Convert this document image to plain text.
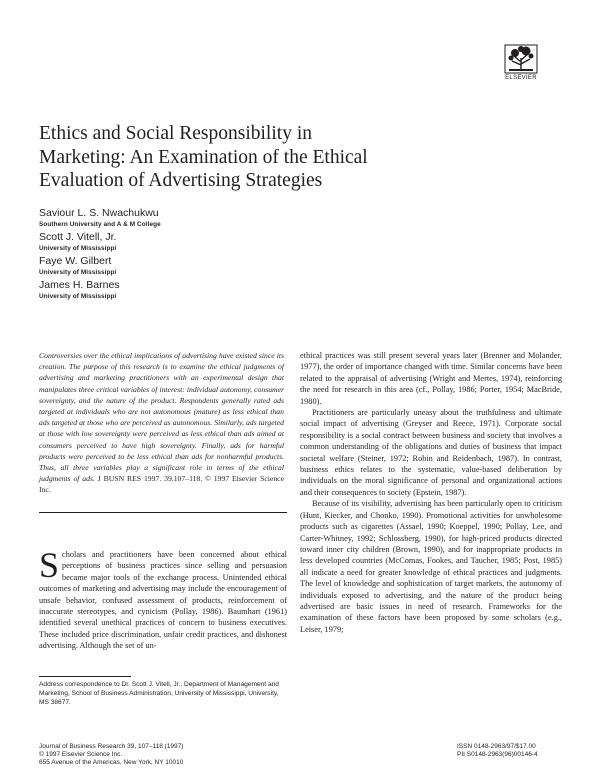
ELSEVIER
Ethics and Social Responsibility in
Marketing: An Examination of the Ethical
Evaluation of Advertising Strategies
Saviour L. S. Nwachukwu
Southern University and A & M College
Scott J. Vitell, Jr.
University of Mississippi
Faye W. Gilbert
University of Mississippi
James H. Barnes
University of Mississippi

Controversies over the ethical implications of advertising have existed since its creation. The purpose of this research is to examine the ethical judgments of advertising and marketing practitioners with an experimental design that manipulates three critical variables of interest: individual autonomy, consumer sovereignty, and the nature of the product. Respondents generally rated ads targeted at individuals who are not autonomous (mature) as less ethical than ads targeted at those who are perceived as autonomous. Similarly, ads targeted at those with low sovereignty were perceived as less ethical than ads aimed at consumers perceived to have high sovereignty. Finally, ads for harmful products were perceived to be less ethical than ads for nonharmful products. Thus, all three variables play a significant role in terms of the ethical judgments of ads. J BUSN RES 1997. 39.107–118. © 1997 Elsevier Science Inc.

Scholars and practitioners have been concerned about ethical perceptions of business practices since selling and persuasion became major tools of the exchange process. Unintended ethical outcomes of marketing and advertising may include the encouragement of unsafe behavior, confused assessment of products, reinforcement of inaccurate stereotypes, and cynicism (Pollay, 1986). Baumhart (1961) identified several unethical practices of concern to business executives. These included price discrimination, unfair credit practices, and dishonest advertising. Although the set of un-

Address correspondence to Dr. Scott J. Vitell, Jr., Department of Management and Marketing, School of Business Administration, University of Mississippi, University, MS 38677.

ethical practices was still present several years later (Brenner and Molander, 1977), the order of importance changed with time. Similar concerns have been related to the appraisal of advertising (Wright and Mertes, 1974), reinforcing the need for research in this area (cf., Pollay, 1986; Porter, 1954; MacBride, 1980).

Practitioners are particularly uneasy about the truthfulness and ultimate social impact of advertising (Greyser and Reece, 1971). Corporate social responsibility is a social contract between business and society that involves a common understanding of the obligations and duties of business that impact societal welfare (Steiner, 1972; Robin and Reidenbach, 1987). In contrast, business ethics relates to the systematic, value-based deliberation by individuals on the moral significance of personal and organizational actions and their consequences to society (Epstein, 1987).

Because of its visibility, advertising has been particularly open to criticism (Hunt, Kiecker, and Chonko, 1990). Promotional activities for unwholesome products such as cigarettes (Assael, 1990; Koeppel, 1990; Pollay, Lee, and Carter-Whitney, 1992; Schlossberg, 1990), for high-priced products directed toward inner city children (Brown, 1990), and for inappropriate products in less developed countries (McComas, Fookes, and Taucher, 1985; Post, 1985) all indicate a need for greater knowledge of ethical practices and judgments. The level of knowledge and sophistication of target markets, the autonomy of individuals exposed to advertising, and the nature of the product being advertised are basic issues in need of research. Frameworks for the examination of these factors have been proposed by some scholars (e.g., Leiser, 1979;

Journal of Business Research 39, 107–118 (1997)
© 1997 Elsevier Science Inc.
655 Avenue of the Americas, New York, NY 10010
ISSN 0148-2963/97/$17.00
PII S0148-2963(96)00146-4
